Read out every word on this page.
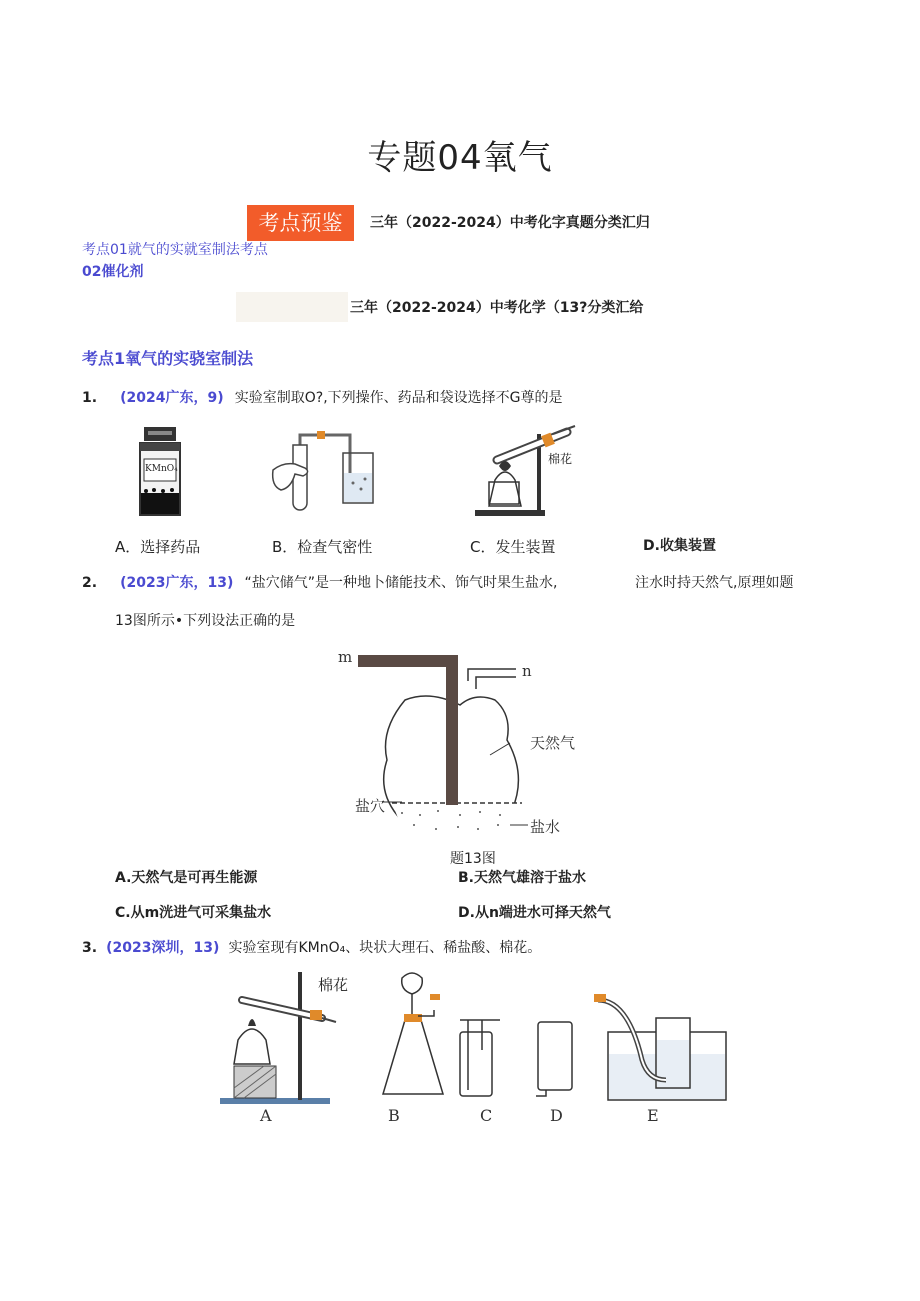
专题04氧气
考点预鉴	三年（2022-2024）中考化字真题分类汇归
考点01就气的实就室制法考点
02催化剂
三年（2022-2024）中考化学（13?分类汇给
考点1氧气的实骁室制法
1. (2024广东，9) 实验室制取O?,下列操作、药品和袋设选择不G尊的是
KMnO₄
棉花
A．选择药品	B．检查气密性	C．发生装置	D.收集装置
2. (2023广东，13) “盐穴储气”是一种地卜储能技术、饰气时果生盐水,	注水时持天然气,原理如题
13图所示•下列设法正确的是
m
n
天然气
盐穴
盐水
题13图
A.天然气是可再生能源	B.天然气雄溶于盐水
C.从m洸进气可采集盐水	D.从n端进水可择天然气
3. (2023深圳，13) 实验室现有KMnO₄、块状大理石、稀盐酸、棉花。
棉花
A	B	C	D	E
